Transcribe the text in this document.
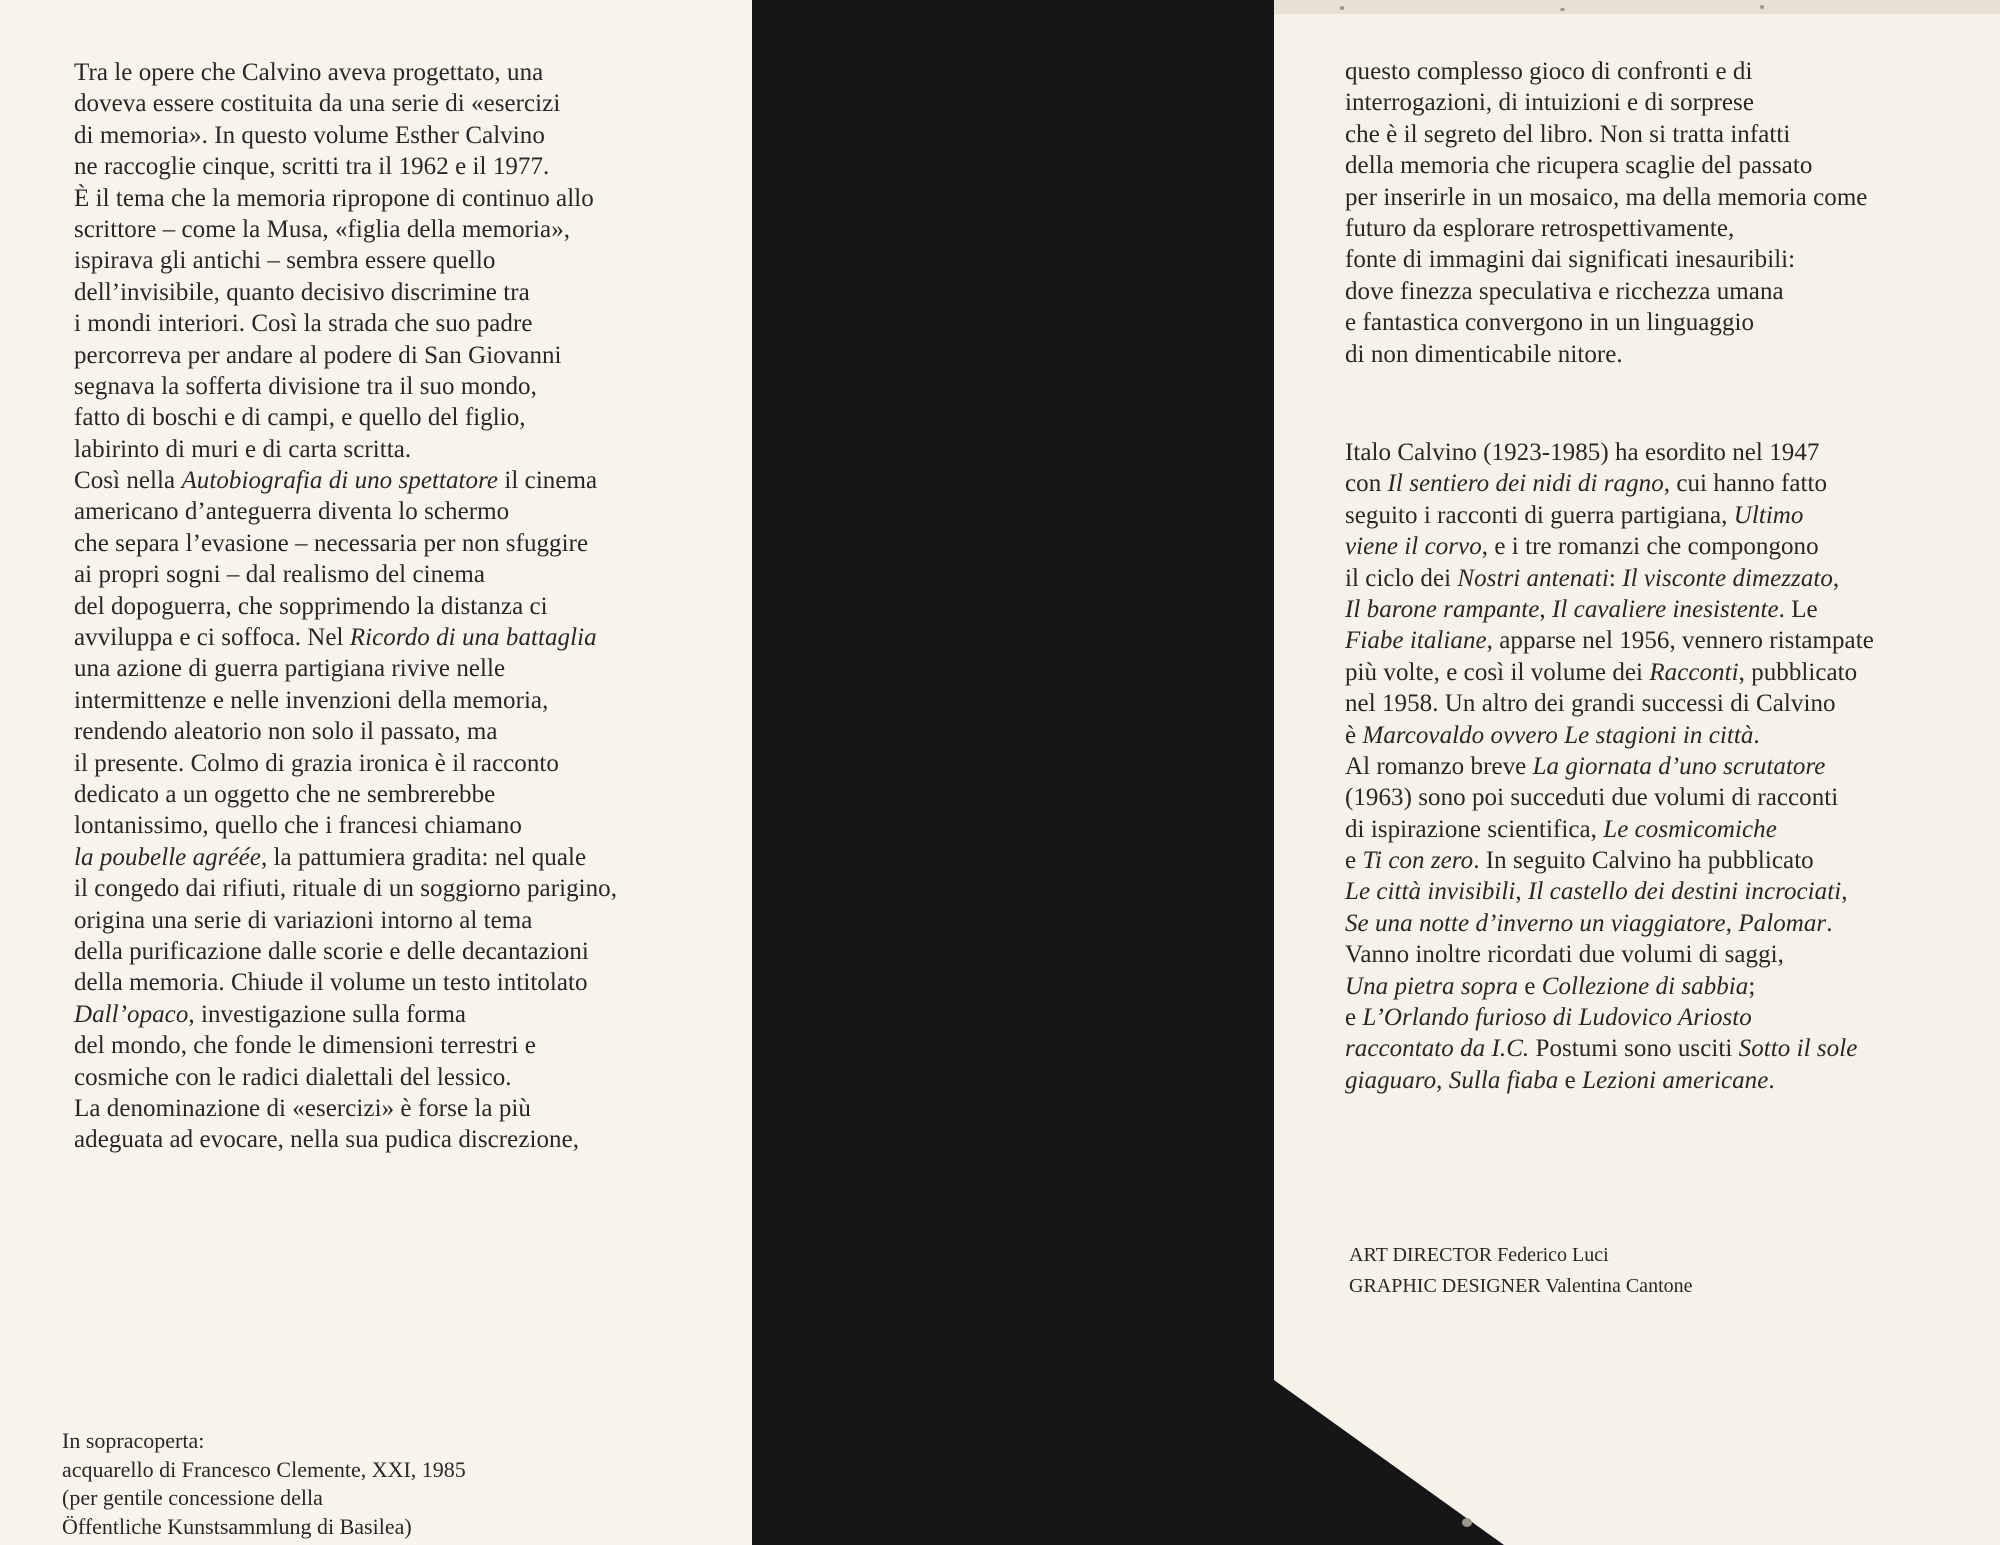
Tra le opere che Calvino aveva progettato, una
doveva essere costituita da una serie di «esercizi
di memoria». In questo volume Esther Calvino
ne raccoglie cinque, scritti tra il 1962 e il 1977.
È il tema che la memoria ripropone di continuo allo
scrittore – come la Musa, «figlia della memoria»,
ispirava gli antichi – sembra essere quello
dell’invisibile, quanto decisivo discrimine tra
i mondi interiori. Così la strada che suo padre
percorreva per andare al podere di San Giovanni
segnava la sofferta divisione tra il suo mondo,
fatto di boschi e di campi, e quello del figlio,
labirinto di muri e di carta scritta.
Così nella Autobiografia di uno spettatore il cinema
americano d’anteguerra diventa lo schermo
che separa l’evasione – necessaria per non sfuggire
ai propri sogni – dal realismo del cinema
del dopoguerra, che sopprimendo la distanza ci
avviluppa e ci soffoca. Nel Ricordo di una battaglia
una azione di guerra partigiana rivive nelle
intermittenze e nelle invenzioni della memoria,
rendendo aleatorio non solo il passato, ma
il presente. Colmo di grazia ironica è il racconto
dedicato a un oggetto che ne sembrerebbe
lontanissimo, quello che i francesi chiamano
la poubelle agréée, la pattumiera gradita: nel quale
il congedo dai rifiuti, rituale di un soggiorno parigino,
origina una serie di variazioni intorno al tema
della purificazione dalle scorie e delle decantazioni
della memoria. Chiude il volume un testo intitolato
Dall’opaco, investigazione sulla forma
del mondo, che fonde le dimensioni terrestri e
cosmiche con le radici dialettali del lessico.
La denominazione di «esercizi» è forse la più
adeguata ad evocare, nella sua pudica discrezione,
In sopracoperta:
acquarello di Francesco Clemente, XXI, 1985
(per gentile concessione della
Öffentliche Kunstsammlung di Basilea)
questo complesso gioco di confronti e di
interrogazioni, di intuizioni e di sorprese
che è il segreto del libro. Non si tratta infatti
della memoria che ricupera scaglie del passato
per inserirle in un mosaico, ma della memoria come
futuro da esplorare retrospettivamente,
fonte di immagini dai significati inesauribili:
dove finezza speculativa e ricchezza umana
e fantastica convergono in un linguaggio
di non dimenticabile nitore.
Italo Calvino (1923-1985) ha esordito nel 1947
con Il sentiero dei nidi di ragno, cui hanno fatto
seguito i racconti di guerra partigiana, Ultimo
viene il corvo, e i tre romanzi che compongono
il ciclo dei Nostri antenati: Il visconte dimezzato,
Il barone rampante, Il cavaliere inesistente. Le
Fiabe italiane, apparse nel 1956, vennero ristampate
più volte, e così il volume dei Racconti, pubblicato
nel 1958. Un altro dei grandi successi di Calvino
è Marcovaldo ovvero Le stagioni in città.
Al romanzo breve La giornata d’uno scrutatore
(1963) sono poi succeduti due volumi di racconti
di ispirazione scientifica, Le cosmicomiche
e Ti con zero. In seguito Calvino ha pubblicato
Le città invisibili, Il castello dei destini incrociati,
Se una notte d’inverno un viaggiatore, Palomar.
Vanno inoltre ricordati due volumi di saggi,
Una pietra sopra e Collezione di sabbia;
e L’Orlando furioso di Ludovico Ariosto
raccontato da I.C. Postumi sono usciti Sotto il sole
giaguaro, Sulla fiaba e Lezioni americane.
ART DIRECTOR Federico Luci
GRAPHIC DESIGNER Valentina Cantone
